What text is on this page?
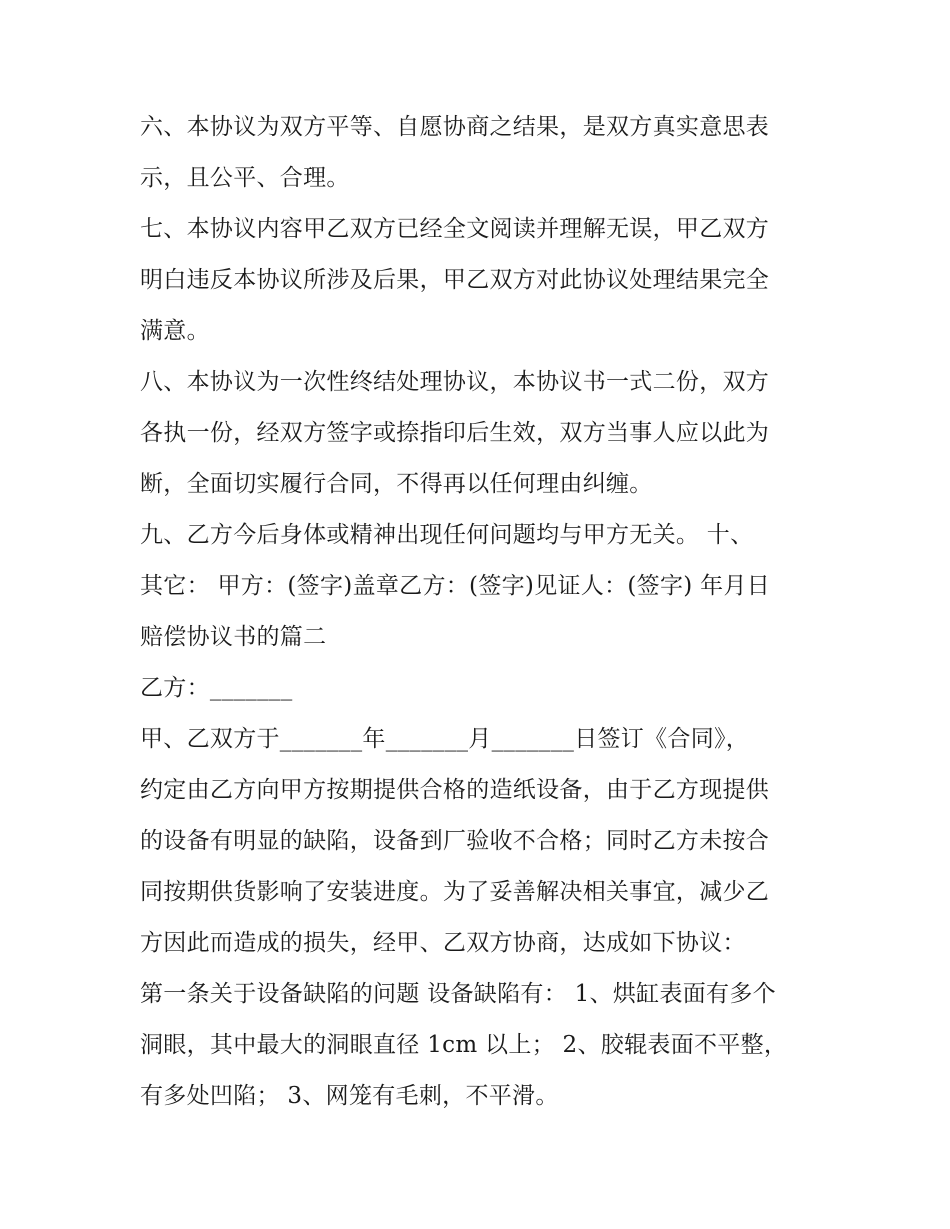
六、本协议为双方平等、自愿协商之结果，是双方真实意思表
示，且公平、合理。
七、本协议内容甲乙双方已经全文阅读并理解无误，甲乙双方
明白违反本协议所涉及后果，甲乙双方对此协议处理结果完全
满意。
八、本协议为一次性终结处理协议，本协议书一式二份，双方
各执一份，经双方签字或捺指印后生效，双方当事人应以此为
断，全面切实履行合同，不得再以任何理由纠缠。
九、乙方今后身体或精神出现任何问题均与甲方无关。 十、
其它： 甲方：(签字)盖章乙方：(签字)见证人：(签字) 年月日
赔偿协议书的篇二
乙方：_______
甲、乙双方于_______年_______月_______日签订《合同》，
约定由乙方向甲方按期提供合格的造纸设备，由于乙方现提供
的设备有明显的缺陷，设备到厂验收不合格；同时乙方未按合
同按期供货影响了安装进度。为了妥善解决相关事宜，减少乙
方因此而造成的损失，经甲、乙双方协商，达成如下协议：
第一条关于设备缺陷的问题 设备缺陷有： 1、烘缸表面有多个
洞眼，其中最大的洞眼直径 1cm 以上； 2、胶辊表面不平整，
有多处凹陷； 3、网笼有毛刺，不平滑。
